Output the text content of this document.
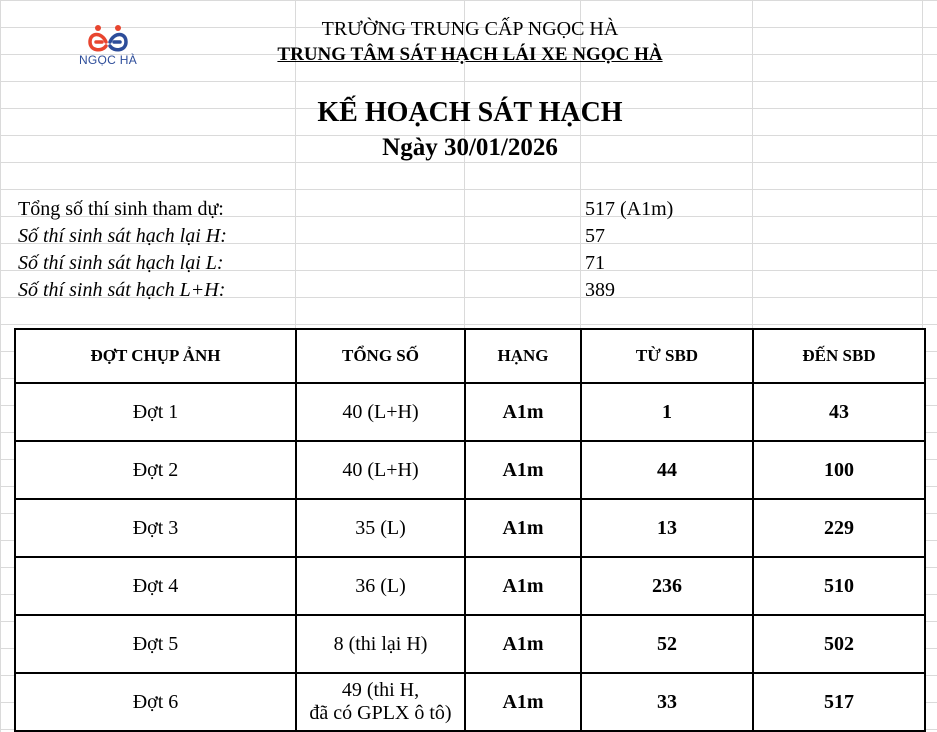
NGỌC HÀ
TRƯỜNG TRUNG CẤP NGỌC HÀ
TRUNG TÂM SÁT HẠCH LÁI XE NGỌC HÀ
KẾ HOẠCH SÁT HẠCH
Ngày 30/01/2026
Tổng số thí sinh tham dự:	517 (A1m)
Số thí sinh sát hạch lại H:	57
Số thí sinh sát hạch lại L:	71
Số thí sinh sát hạch L+H:	389
ĐỢT CHỤP ẢNH	TỔNG SỐ	HẠNG	TỪ SBD	ĐẾN SBD
Đợt 1	40 (L+H)	A1m	1	43
Đợt 2	40 (L+H)	A1m	44	100
Đợt 3	35 (L)	A1m	13	229
Đợt 4	36 (L)	A1m	236	510
Đợt 5	8 (thi lại H)	A1m	52	502
Đợt 6	49 (thi H,
đã có GPLX ô tô)	A1m	33	517
